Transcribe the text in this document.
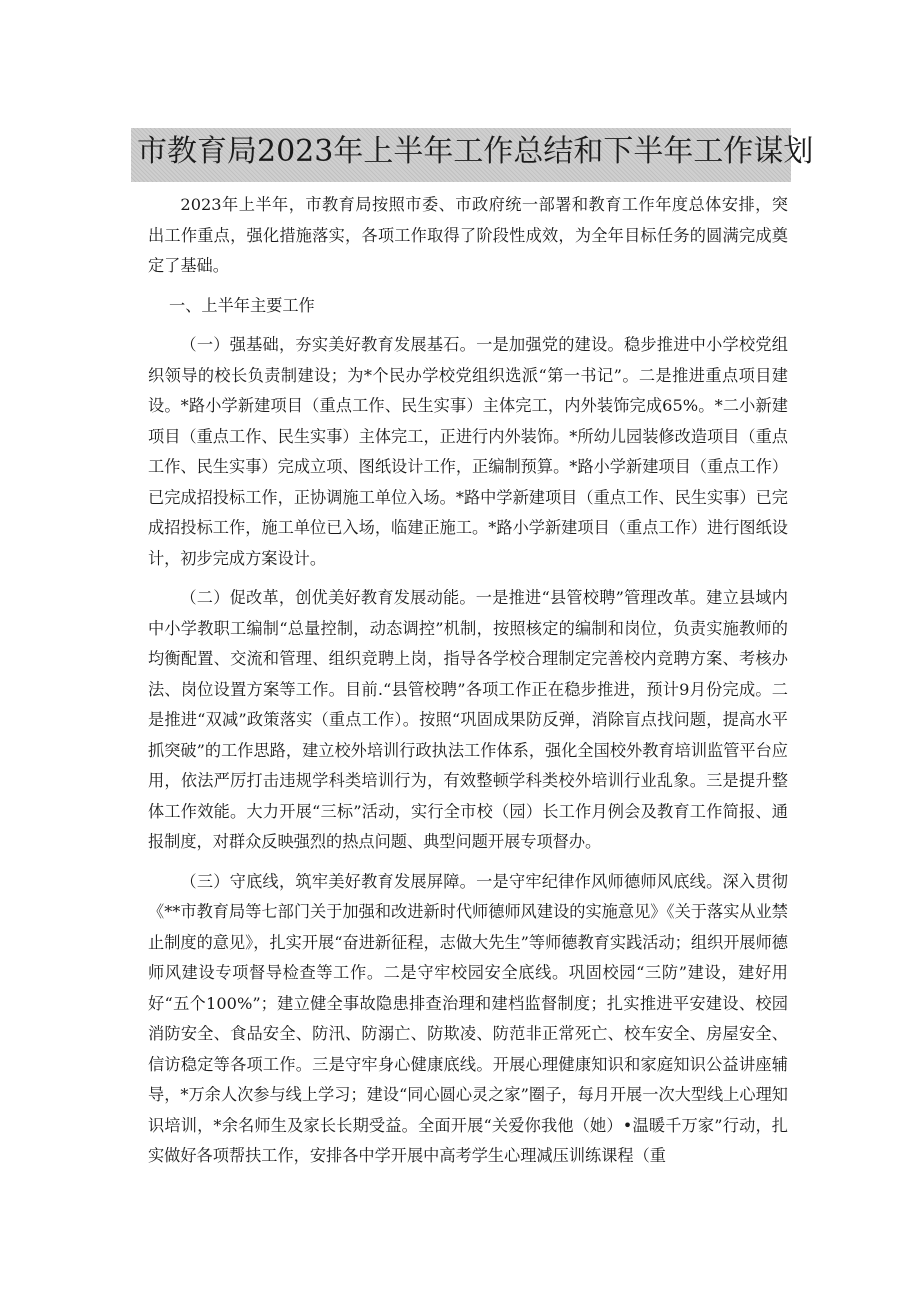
市教育局2023年上半年工作总结和下半年工作谋划

2023年上半年，市教育局按照市委、市政府统一部署和教育工作年度总体安排，突出工作重点，强化措施落实，各项工作取得了阶段性成效，为全年目标任务的圆满完成奠定了基础。

一、上半年主要工作

（一）强基础，夯实美好教育发展基石。一是加强党的建设。稳步推进中小学校党组织领导的校长负责制建设；为*个民办学校党组织选派“第一书记”。二是推进重点项目建设。*路小学新建项目（重点工作、民生实事）主体完工，内外装饰完成65%。*二小新建项目（重点工作、民生实事）主体完工，正进行内外装饰。*所幼儿园装修改造项目（重点工作、民生实事）完成立项、图纸设计工作，正编制预算。*路小学新建项目（重点工作）已完成招投标工作，正协调施工单位入场。*路中学新建项目（重点工作、民生实事）已完成招投标工作，施工单位已入场，临建正施工。*路小学新建项目（重点工作）进行图纸设计，初步完成方案设计。

（二）促改革，创优美好教育发展动能。一是推进“县管校聘”管理改革。建立县域内中小学教职工编制“总量控制，动态调控”机制，按照核定的编制和岗位，负责实施教师的均衡配置、交流和管理、组织竞聘上岗，指导各学校合理制定完善校内竞聘方案、考核办法、岗位设置方案等工作。目前.“县管校聘”各项工作正在稳步推进，预计9月份完成。二是推进“双减”政策落实（重点工作）。按照“巩固成果防反弹，消除盲点找问题，提高水平抓突破”的工作思路，建立校外培训行政执法工作体系，强化全国校外教育培训监管平台应用，依法严厉打击违规学科类培训行为，有效整顿学科类校外培训行业乱象。三是提升整体工作效能。大力开展“三标”活动，实行全市校（园）长工作月例会及教育工作简报、通报制度，对群众反映强烈的热点问题、典型问题开展专项督办。

（三）守底线，筑牢美好教育发展屏障。一是守牢纪律作风师德师风底线。深入贯彻《**市教育局等七部门关于加强和改进新时代师德师风建设的实施意见》《关于落实从业禁止制度的意见》，扎实开展“奋进新征程，志做大先生”等师德教育实践活动；组织开展师德师风建设专项督导检查等工作。二是守牢校园安全底线。巩固校园“三防”建设，建好用好“五个100%”；建立健全事故隐患排查治理和建档监督制度；扎实推进平安建设、校园消防安全、食品安全、防汛、防溺亡、防欺凌、防范非正常死亡、校车安全、房屋安全、信访稳定等各项工作。三是守牢身心健康底线。开展心理健康知识和家庭知识公益讲座辅导，*万余人次参与线上学习；建设“同心圆心灵之家”圈子，每月开展一次大型线上心理知识培训，*余名师生及家长长期受益。全面开展“关爱你我他（她）•温暖千万家”行动，扎实做好各项帮扶工作，安排各中学开展中高考学生心理减压训练课程（重
